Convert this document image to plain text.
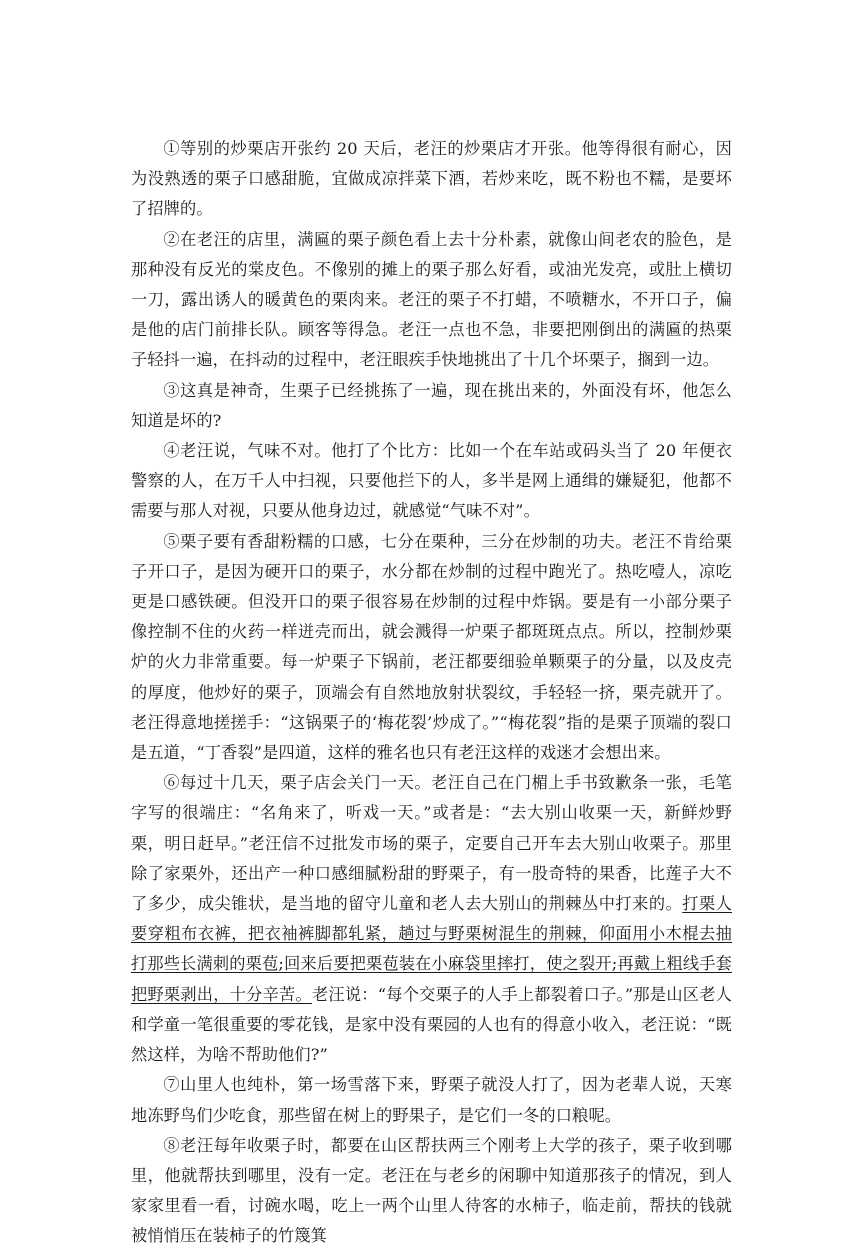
①等别的炒栗店开张约 20 天后，老汪的炒栗店才开张。他等得很有耐心，因为没熟透的栗子口感甜脆，宜做成凉拌菜下酒，若炒来吃，既不粉也不糯，是要坏了招牌的。

②在老汪的店里，满匾的栗子颜色看上去十分朴素，就像山间老农的脸色，是那种没有反光的棠皮色。不像别的摊上的栗子那么好看，或油光发亮，或肚上横切一刀，露出诱人的暖黄色的栗肉来。老汪的栗子不打蜡，不喷糖水，不开口子，偏是他的店门前排长队。顾客等得急。老汪一点也不急，非要把刚倒出的满匾的热栗子轻抖一遍，在抖动的过程中，老汪眼疾手快地挑出了十几个坏栗子，搁到一边。

③这真是神奇，生栗子已经挑拣了一遍，现在挑出来的，外面没有坏，他怎么知道是坏的?

④老汪说，气味不对。他打了个比方：比如一个在车站或码头当了 20 年便衣警察的人，在万千人中扫视，只要他拦下的人，多半是网上通缉的嫌疑犯，他都不需要与那人对视，只要从他身边过，就感觉“气味不对”。

⑤栗子要有香甜粉糯的口感，七分在栗种，三分在炒制的功夫。老汪不肯给栗子开口子，是因为硬开口的栗子，水分都在炒制的过程中跑光了。热吃噎人，凉吃更是口感铁硬。但没开口的栗子很容易在炒制的过程中炸锅。要是有一小部分栗子像控制不住的火药一样迸壳而出，就会溅得一炉栗子都斑斑点点。所以，控制炒栗炉的火力非常重要。每一炉栗子下锅前，老汪都要细验单颗栗子的分量，以及皮壳的厚度，他炒好的栗子，顶端会有自然地放射状裂纹，手轻轻一挤，栗壳就开了。老汪得意地搓搓手：“这锅栗子的‘梅花裂’炒成了。”“梅花裂”指的是栗子顶端的裂口是五道，“丁香裂”是四道，这样的雅名也只有老汪这样的戏迷才会想出来。

⑥每过十几天，栗子店会关门一天。老汪自己在门楣上手书致歉条一张，毛笔字写的很端庄：“名角来了，听戏一天。”或者是：“去大别山收栗一天，新鲜炒野栗，明日赶早。”老汪信不过批发市场的栗子，定要自己开车去大别山收栗子。那里除了家栗外，还出产一种口感细腻粉甜的野栗子，有一股奇特的果香，比莲子大不了多少，成尖锥状，是当地的留守儿童和老人去大别山的荆棘丛中打来的。打栗人要穿粗布衣裤，把衣袖裤脚都轧紧，趟过与野栗树混生的荆棘，仰面用小木棍去抽打那些长满刺的栗苞;回来后要把栗苞装在小麻袋里摔打，使之裂开;再戴上粗线手套把野栗剥出，十分辛苦。老汪说：“每个交栗子的人手上都裂着口子。”那是山区老人和学童一笔很重要的零花钱，是家中没有栗园的人也有的得意小收入，老汪说：“既然这样，为啥不帮助他们?”

⑦山里人也纯朴，第一场雪落下来，野栗子就没人打了，因为老辈人说，天寒地冻野鸟们少吃食，那些留在树上的野果子，是它们一冬的口粮呢。

⑧老汪每年收栗子时，都要在山区帮扶两三个刚考上大学的孩子，栗子收到哪里，他就帮扶到哪里，没有一定。老汪在与老乡的闲聊中知道那孩子的情况，到人家家里看一看，讨碗水喝，吃上一两个山里人待客的水柿子，临走前，帮扶的钱就被悄悄压在装柿子的竹篾箕
